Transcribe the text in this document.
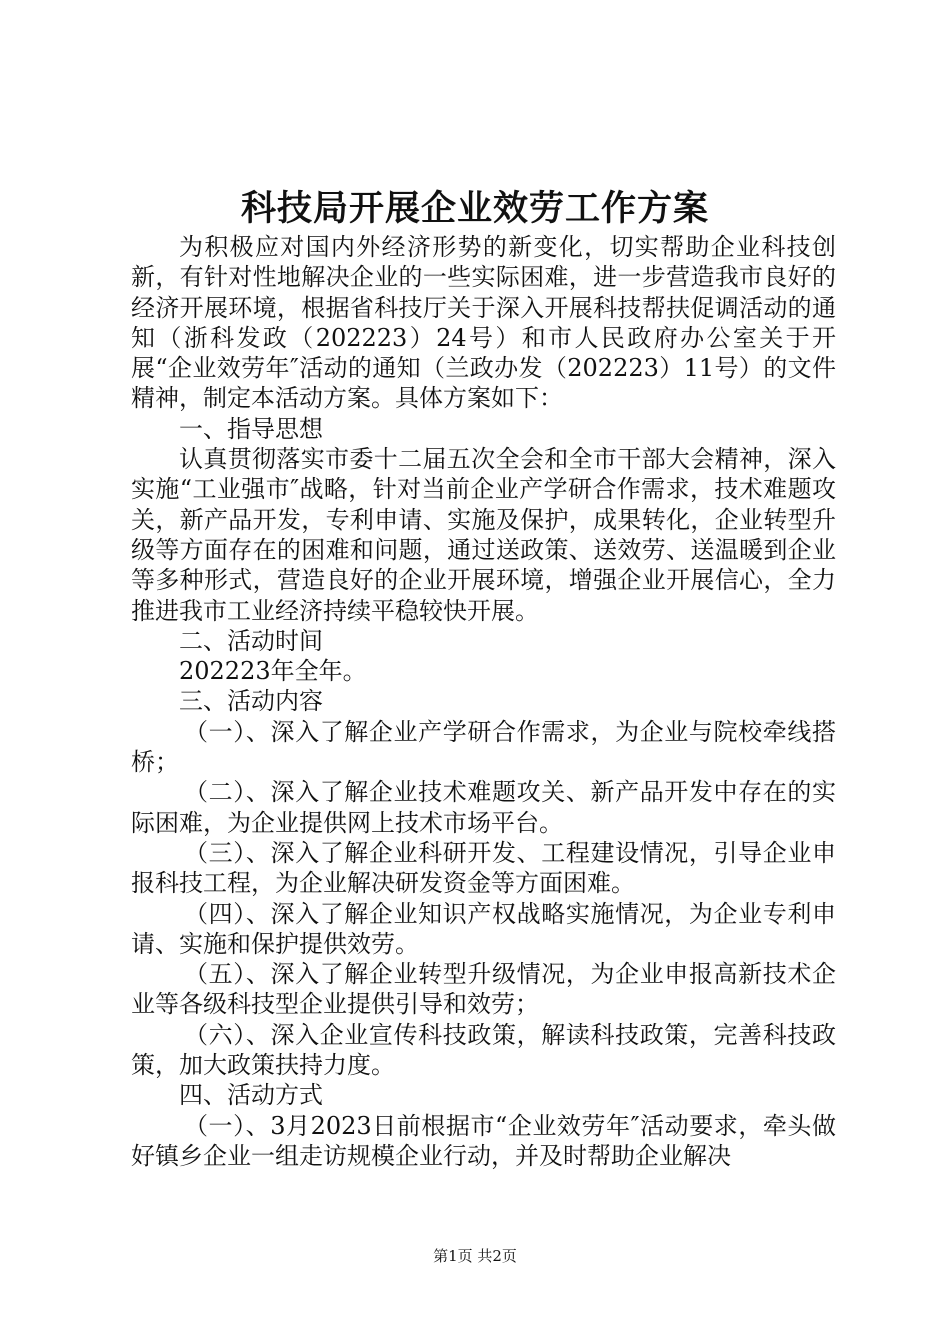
科技局开展企业效劳工作方案

为积极应对国内外经济形势的新变化，切实帮助企业科技创新，有针对性地解决企业的一些实际困难，进一步营造我市良好的经济开展环境，根据省科技厅关于深入开展科技帮扶促调活动的通知（浙科发政（202223）24号）和市人民政府办公室关于开展“企业效劳年″活动的通知（兰政办发（202223）11号）的文件精神，制定本活动方案。具体方案如下：

一、指导思想

认真贯彻落实市委十二届五次全会和全市干部大会精神，深入实施“工业强市″战略，针对当前企业产学研合作需求，技术难题攻关，新产品开发，专利申请、实施及保护，成果转化，企业转型升级等方面存在的困难和问题，通过送政策、送效劳、送温暖到企业等多种形式，营造良好的企业开展环境，增强企业开展信心，全力推进我市工业经济持续平稳较快开展。

二、活动时间

202223年全年。

三、活动内容

（一）、深入了解企业产学研合作需求，为企业与院校牵线搭桥；

（二）、深入了解企业技术难题攻关、新产品开发中存在的实际困难，为企业提供网上技术市场平台。

（三）、深入了解企业科研开发、工程建设情况，引导企业申报科技工程，为企业解决研发资金等方面困难。

（四）、深入了解企业知识产权战略实施情况，为企业专利申请、实施和保护提供效劳。

（五）、深入了解企业转型升级情况，为企业申报高新技术企业等各级科技型企业提供引导和效劳；

（六）、深入企业宣传科技政策，解读科技政策，完善科技政策，加大政策扶持力度。

四、活动方式

（一）、3月2023日前根据市“企业效劳年″活动要求，牵头做好镇乡企业一组走访规模企业行动，并及时帮助企业解决

第1页 共2页
